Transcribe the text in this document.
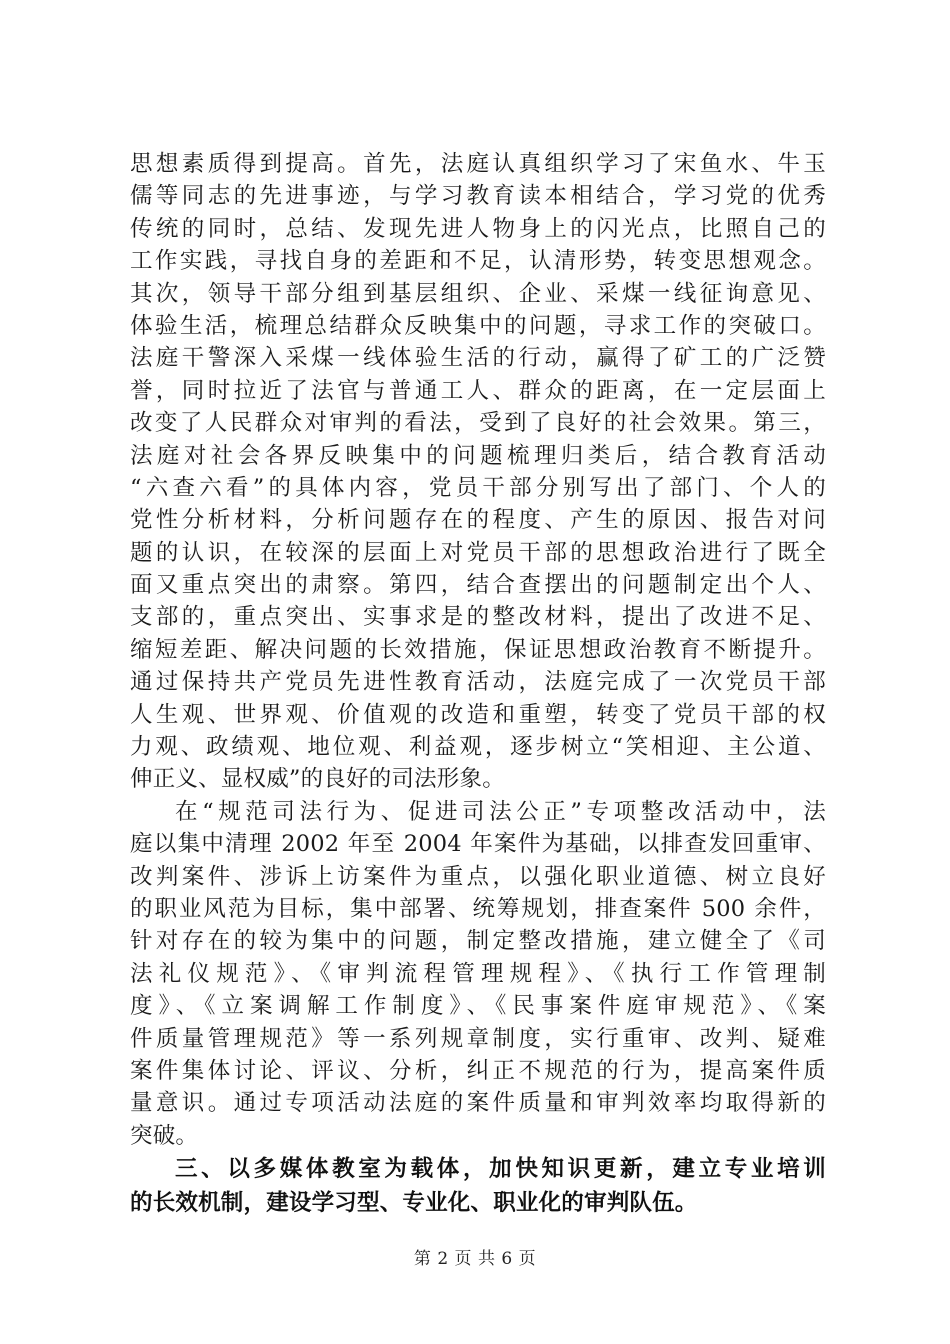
思想素质得到提高。首先，法庭认真组织学习了宋鱼水、牛玉
儒等同志的先进事迹，与学习教育读本相结合，学习党的优秀
传统的同时，总结、发现先进人物身上的闪光点，比照自己的
工作实践，寻找自身的差距和不足，认清形势，转变思想观念。
其次，领导干部分组到基层组织、企业、采煤一线征询意见、
体验生活，梳理总结群众反映集中的问题，寻求工作的突破口。
法庭干警深入采煤一线体验生活的行动，赢得了矿工的广泛赞
誉，同时拉近了法官与普通工人、群众的距离，在一定层面上
改变了人民群众对审判的看法，受到了良好的社会效果。第三，
法庭对社会各界反映集中的问题梳理归类后，结合教育活动
“六查六看”的具体内容，党员干部分别写出了部门、个人的
党性分析材料，分析问题存在的程度、产生的原因、报告对问
题的认识，在较深的层面上对党员干部的思想政治进行了既全
面又重点突出的肃察。第四，结合查摆出的问题制定出个人、
支部的，重点突出、实事求是的整改材料，提出了改进不足、
缩短差距、解决问题的长效措施，保证思想政治教育不断提升。
通过保持共产党员先进性教育活动，法庭完成了一次党员干部
人生观、世界观、价值观的改造和重塑，转变了党员干部的权
力观、政绩观、地位观、利益观，逐步树立“笑相迎、主公道、
伸正义、显权威”的良好的司法形象。
在“规范司法行为、促进司法公正”专项整改活动中，法
庭以集中清理 2002 年至 2004 年案件为基础，以排查发回重审、
改判案件、涉诉上访案件为重点，以强化职业道德、树立良好
的职业风范为目标，集中部署、统筹规划，排查案件 500 余件，
针对存在的较为集中的问题，制定整改措施，建立健全了《司
法礼仪规范》、《审判流程管理规程》、《执行工作管理制
度》、《立案调解工作制度》、《民事案件庭审规范》、《案
件质量管理规范》等一系列规章制度，实行重审、改判、疑难
案件集体讨论、评议、分析，纠正不规范的行为，提高案件质
量意识。通过专项活动法庭的案件质量和审判效率均取得新的
突破。
三、以多媒体教室为载体，加快知识更新，建立专业培训
的长效机制，建设学习型、专业化、职业化的审判队伍。
第 2 页 共 6 页
